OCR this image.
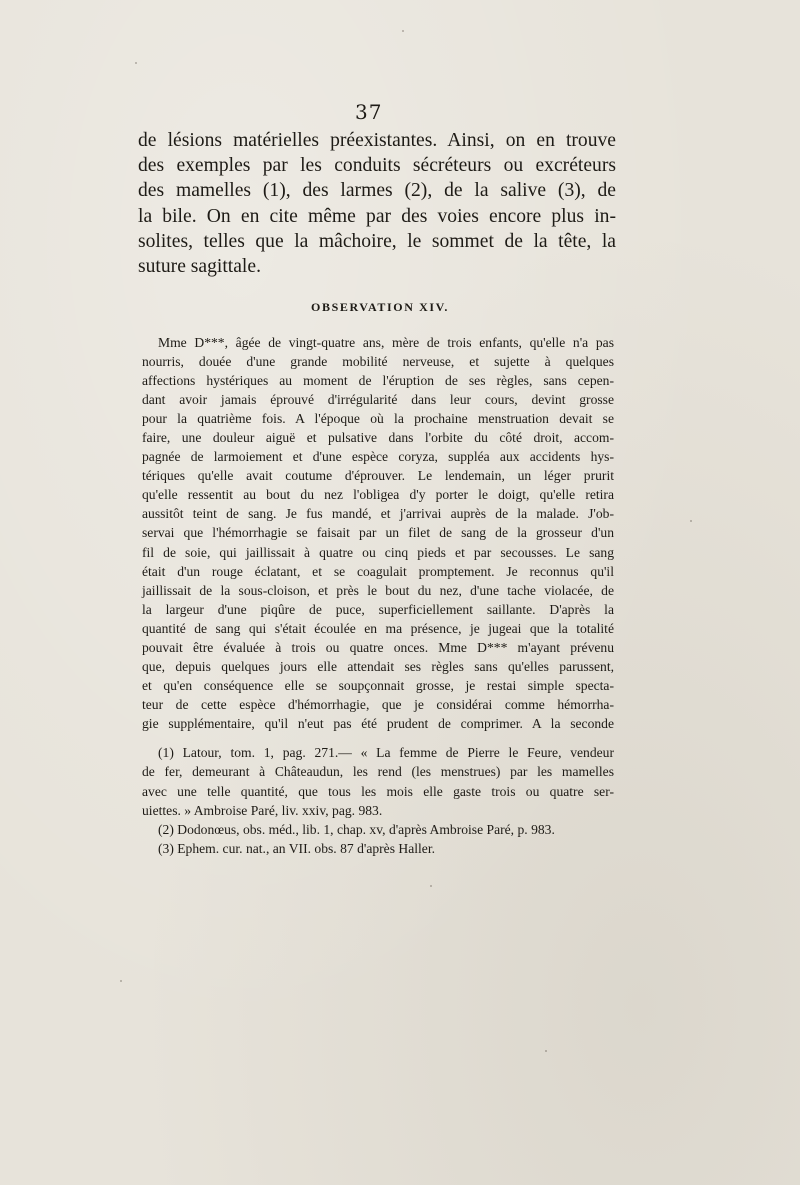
37

de lésions matérielles préexistantes. Ainsi, on en trouve

des exemples par les conduits sécréteurs ou excréteurs

des mamelles (1), des larmes (2), de la salive (3), de

la bile. On en cite même par des voies encore plus in-

solites, telles que la mâchoire, le sommet de la tête, la

suture sagittale.

OBSERVATION XIV.

Mme D***, âgée de vingt-quatre ans, mère de trois enfants, qu'elle n'a pas

nourris, douée d'une grande mobilité nerveuse, et sujette à quelques

affections hystériques au moment de l'éruption de ses règles, sans cepen-

dant avoir jamais éprouvé d'irrégularité dans leur cours, devint grosse

pour la quatrième fois. A l'époque où la prochaine menstruation devait se

faire, une douleur aiguë et pulsative dans l'orbite du côté droit, accom-

pagnée de larmoiement et d'une espèce coryza, suppléa aux accidents hys-

tériques qu'elle avait coutume d'éprouver. Le lendemain, un léger prurit

qu'elle ressentit au bout du nez l'obligea d'y porter le doigt, qu'elle retira

aussitôt teint de sang. Je fus mandé, et j'arrivai auprès de la malade. J'ob-

servai que l'hémorrhagie se faisait par un filet de sang de la grosseur d'un

fil de soie, qui jaillissait à quatre ou cinq pieds et par secousses. Le sang

était d'un rouge éclatant, et se coagulait promptement. Je reconnus qu'il

jaillissait de la sous-cloison, et près le bout du nez, d'une tache violacée, de

la largeur d'une piqûre de puce, superficiellement saillante. D'après la

quantité de sang qui s'était écoulée en ma présence, je jugeai que la totalité

pouvait être évaluée à trois ou quatre onces. Mme D*** m'ayant prévenu

que, depuis quelques jours elle attendait ses règles sans qu'elles parussent,

et qu'en conséquence elle se soupçonnait grosse, je restai simple specta-

teur de cette espèce d'hémorrhagie, que je considérai comme hémorrha-

gie supplémentaire, qu'il n'eut pas été prudent de comprimer. A la seconde

(1) Latour, tom. 1, pag. 271.— « La femme de Pierre le Feure, vendeur

de fer, demeurant à Châteaudun, les rend (les menstrues) par les mamelles

avec une telle quantité, que tous les mois elle gaste trois ou quatre ser-

uiettes. » Ambroise Paré, liv. xxiv, pag. 983.

(2) Dodonœus, obs. méd., lib. 1, chap. xv, d'après Ambroise Paré, p. 983.

(3) Ephem. cur. nat., an VII. obs. 87 d'après Haller.
